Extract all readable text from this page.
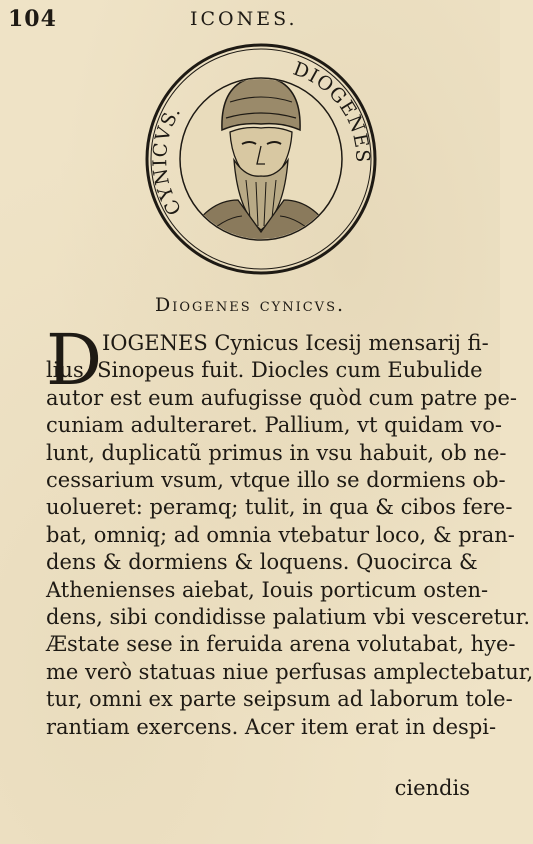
104	ICONES.
CYNICVS.
DIOGENES
Diogenes cynicvs.
D IOGENES Cynicus Icesij mensarij fi-
lius, Sinopeus fuit. Diocles cum Eubulide
autor est eum aufugisse quòd cum patre pe-
cuniam adulteraret. Pallium, vt quidam vo-
lunt, duplicatũ primus in vsu habuit, ob ne-
cessarium vsum, vtque illo se dormiens ob-
uolueret: peramq; tulit, in qua & cibos fere-
bat, omniq; ad omnia vtebatur loco, & pran-
dens & dormiens & loquens. Quocirca &
Athenienses aiebat, Iouis porticum osten-
dens, sibi condidisse palatium vbi vesceretur.
Æstate sese in feruida arena volutabat, hye-
me verò statuas niue perfusas amplectebatur,
tur, omni ex parte seipsum ad laborum tole-
rantiam exercens. Acer item erat in despi-
ciendis
